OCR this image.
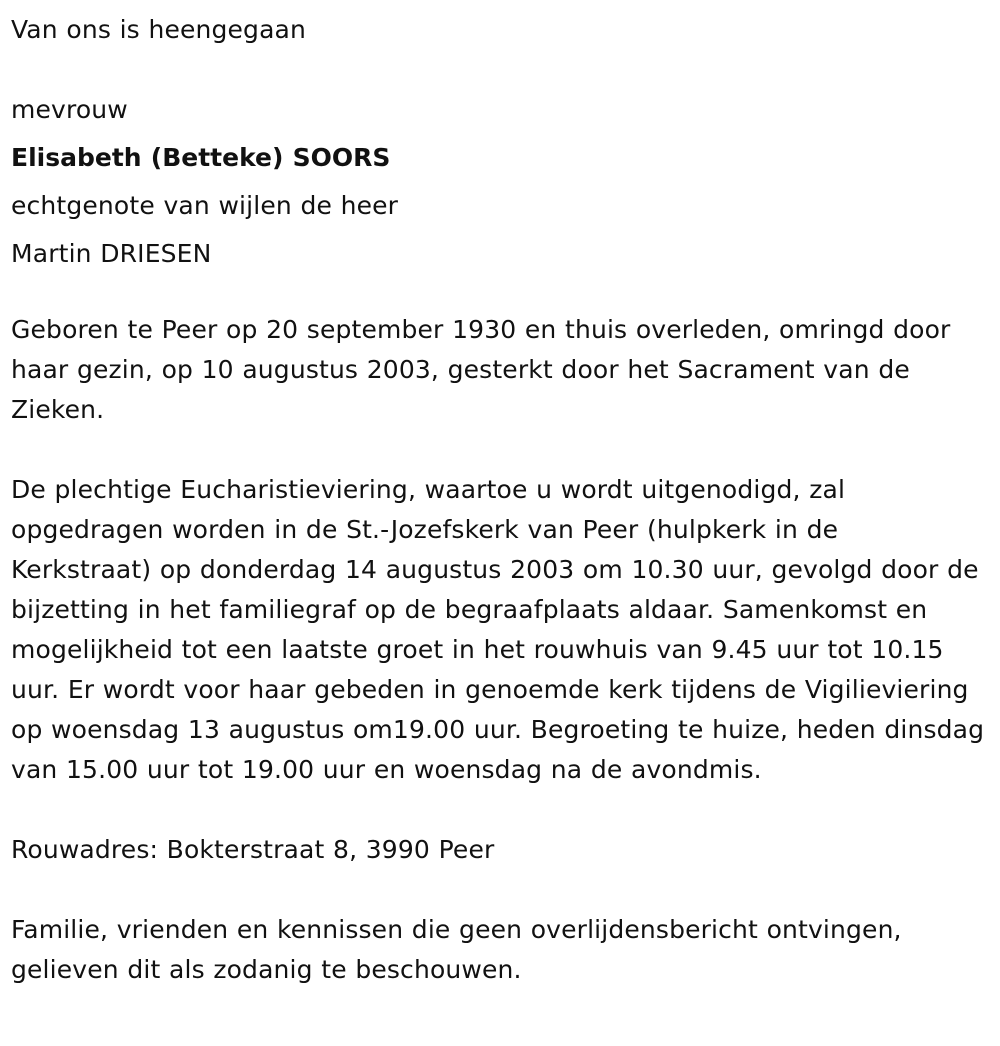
Van ons is heengegaan
mevrouw
Elisabeth (Betteke) SOORS
echtgenote van wijlen de heer
Martin DRIESEN

Geboren te Peer op 20 september 1930 en thuis overleden, omringd door haar gezin, op 10 augustus 2003, gesterkt door het Sacrament van de Zieken.

De plechtige Eucharistieviering, waartoe u wordt uitgenodigd, zal opgedragen worden in de St.-Jozefskerk van Peer (hulpkerk in de Kerkstraat) op donderdag 14 augustus 2003 om 10.30 uur, gevolgd door de bijzetting in het familiegraf op de begraafplaats aldaar. Samenkomst en mogelijkheid tot een laatste groet in het rouwhuis van 9.45 uur tot 10.15 uur. Er wordt voor haar gebeden in genoemde kerk tijdens de Vigilieviering op woensdag 13 augustus om19.00 uur. Begroeting te huize, heden dinsdag van 15.00 uur tot 19.00 uur en woensdag na de avondmis.

Rouwadres: Bokterstraat 8, 3990 Peer

Familie, vrienden en kennissen die geen overlijdensbericht ontvingen, gelieven dit als zodanig te beschouwen.
